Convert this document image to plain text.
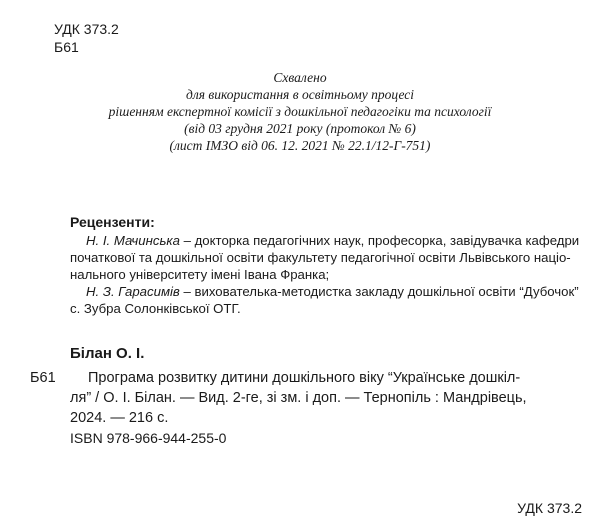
УДК 373.2
Б61
Схвалено
для використання в освітньому процесі
рішенням експертної комісії з дошкільної педагогіки та психології
(від 03 грудня 2021 року (протокол № 6)
(лист ІМЗО від 06. 12. 2021 № 22.1/12-Г-751)
Рецензенти:
Н. І. Мачинська – докторка педагогічних наук, професорка, завідувачка кафедри
початкової та дошкільної освіти факультету педагогічної освіти Львівського націо-
нального університету імені Івана Франка;
Н. З. Гарасимів – вихователька-методистка закладу дошкільної освіти “Дубочок”
с. Зубра Солонківської ОТГ.
Білан О. І.
Б61	Програма розвитку дитини дошкільного віку “Українське дошкіл-
ля” / О. І. Білан. — Вид. 2-ге, зі зм. і доп. — Тернопіль : Мандрівець,
2024. — 216 с.
ISBN 978-966-944-255-0
УДК 373.2
